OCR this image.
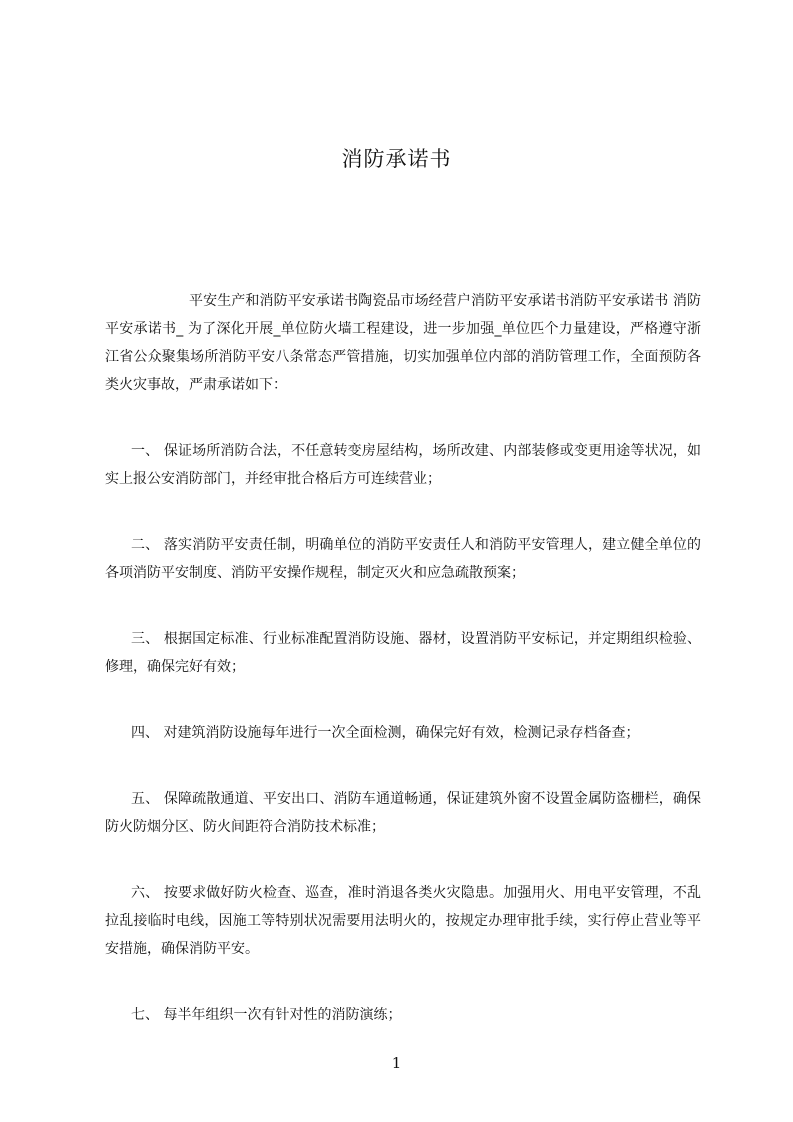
消防承诺书

平安生产和消防平安承诺书陶瓷品市场经营户消防平安承诺书消防平安承诺书 消防平安承诺书_ 为了深化开展_单位防火墙工程建设，进一步加强_单位匹个力量建设，严格遵守浙江省公众聚集场所消防平安八条常态严管措施，切实加强单位内部的消防管理工作，全面预防各类火灾事故，严肃承诺如下：

一、 保证场所消防合法，不任意转变房屋结构，场所改建、内部装修或变更用途等状况，如实上报公安消防部门，并经审批合格后方可连续营业；

二、 落实消防平安责任制，明确单位的消防平安责任人和消防平安管理人，建立健全单位的各项消防平安制度、消防平安操作规程，制定灭火和应急疏散预案；

三、 根据国定标准、行业标准配置消防设施、器材，设置消防平安标记，并定期组织检验、修理，确保完好有效；

四、 对建筑消防设施每年进行一次全面检测，确保完好有效，检测记录存档备查；

五、 保障疏散通道、平安出口、消防车通道畅通，保证建筑外窗不设置金属防盗栅栏，确保防火防烟分区、防火间距符合消防技术标准；

六、 按要求做好防火检查、巡查，准时消退各类火灾隐患。加强用火、用电平安管理，不乱拉乱接临时电线，因施工等特别状况需要用法明火的，按规定办理审批手续，实行停止营业等平安措施，确保消防平安。

七、 每半年组织一次有针对性的消防演练；

1
